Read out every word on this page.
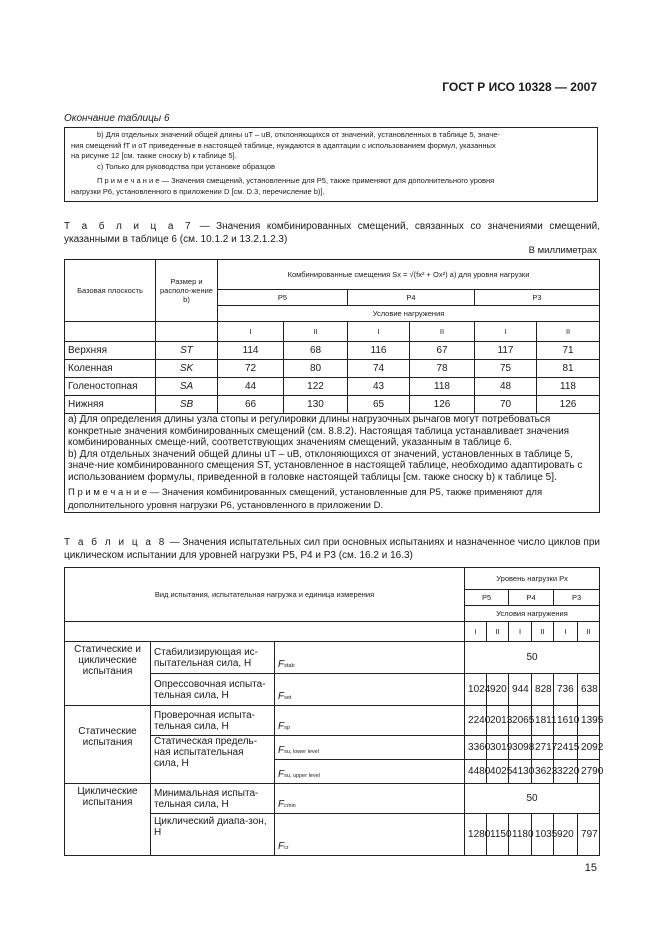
ГОСТ Р ИСО 10328 — 2007
Окончание таблицы 6

b) Для отдельных значений общей длины uT – uB, отклоняющихся от значений, установленных в таблице 5, значе-

ния смещений fT и oT приведенные в настоящей таблице, нуждаются в адаптации с использованием формул, указанных

на рисунке 12 [см. также сноску b) к таблице 5].

c) Только для руководства при установке образцов

П р и м е ч а н и е — Значения смещений, установленные для Р5, также применяют для дополнительного уровня

нагрузки Р6, установленного в приложении D [см. D.3, перечисление b)].

Т а б л и ц а 7 — Значения комбинированных смещений, связанных со значениями смещений, указанными в таблице 6 (см. 10.1.2 и 13.2.1.2.3)
В миллиметрах
Базовая плоскость	Размер и располо-жение b)	Комбинированные смещения Sx = √(fx² + Ox²) a) для уровня нагрузки					
		Р5		Р4		Р3	
		Условие нагружения					
		I	II	I	II	I	II
Верхняя	ST	114	68	116	67	117	71
Коленная	SK	72	80	74	78	75	81
Голеностопная	SA	44	122	43	118	48	118
Нижняя	SB	66	130	65	126	70	126

a) Для определения длины узла стопы и регулировки длины нагрузочных рычагов могут потребоваться конкретные значения комбинированных смещений (см. 8.8.2). Настоящая таблица устанавливает значения комбинированных смеще-ний, соответствующих значениям смещений, указанным в таблице 6.

b) Для отдельных значений общей длины uT – uB, отклоняющихся от значений, установленных в таблице 5, значе-ние комбинированного смещения ST, установленное в настоящей таблице, необходимо адаптировать с использованием формулы, приведенной в головке настоящей таблицы [см. также сноску b) к таблице 5].

П р и м е ч а н и е — Значения комбинированных смещений, установленные для Р5, также применяют для дополнительного уровня нагрузки Р6, установленного в приложении D.							

Т а б л и ц а 8 — Значения испытательных сил при основных испытаниях и назначенное число циклов при циклическом испытании для уровней нагрузки Р5, Р4 и Р3 (см. 16.2 и 16.3)
Вид испытания, испытательная нагрузка и единица измерения			Уровень нагрузки Px					
			Р5		Р4		Р3	
			Условия нагружения					
			I	II	I	II	I	II
Статические и циклические испытания	Стабилизирующая ис-пытательная сила, Н	Fstab	50					
	Опрессовочная испыта-тельная сила, Н	Fset	1024	920	944	828	736	638
Статические испытания	Проверочная испыта-тельная сила, Н	Fsp	2240	2013	2065	1811	1610	1395
	Статическая предель-ная испытательная сила, Н	Fsu, lower level	3360	3019	3098	2717	2415	2092
		Fsu, upper level	4480	4025	4130	3623	3220	2790
Циклические испытания	Минимальная испыта-тельная сила, Н	Fcmin	50					
	Циклический диапа-зон, Н	Fcr	1280	1150	1180	1035	920	797
15
